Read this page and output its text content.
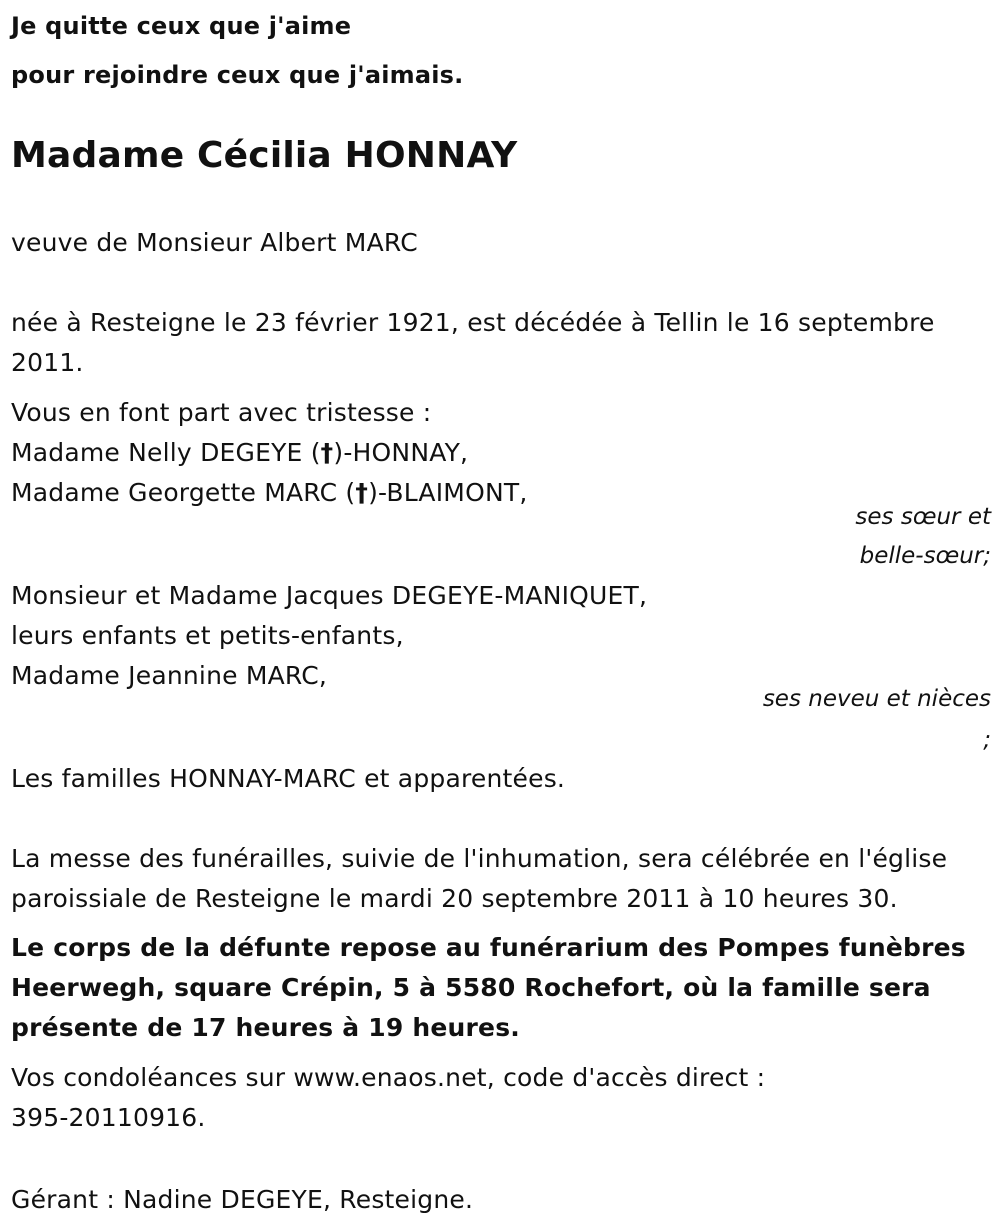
Je quitte ceux que j'aime
pour rejoindre ceux que j'aimais.
Madame Cécilia HONNAY
veuve de Monsieur Albert MARC
née à Resteigne le 23 février 1921, est décédée à Tellin le 16 septembre
2011.
Vous en font part avec tristesse :
Madame Nelly DEGEYE (†)-HONNAY,
Madame Georgette MARC (†)-BLAIMONT,
ses sœur et
belle-sœur;
Monsieur et Madame Jacques DEGEYE-MANIQUET,
leurs enfants et petits-enfants,
Madame Jeannine MARC,
ses neveu et nièces
;
Les familles HONNAY-MARC et apparentées.
La messe des funérailles, suivie de l'inhumation, sera célébrée en l'église
paroissiale de Resteigne le mardi 20 septembre 2011 à 10 heures 30.
Le corps de la défunte repose au funérarium des Pompes funèbres
Heerwegh, square Crépin, 5 à 5580 Rochefort, où la famille sera
présente de 17 heures à 19 heures.
Vos condoléances sur www.enaos.net, code d'accès direct :
395-20110916.
Gérant : Nadine DEGEYE, Resteigne.
